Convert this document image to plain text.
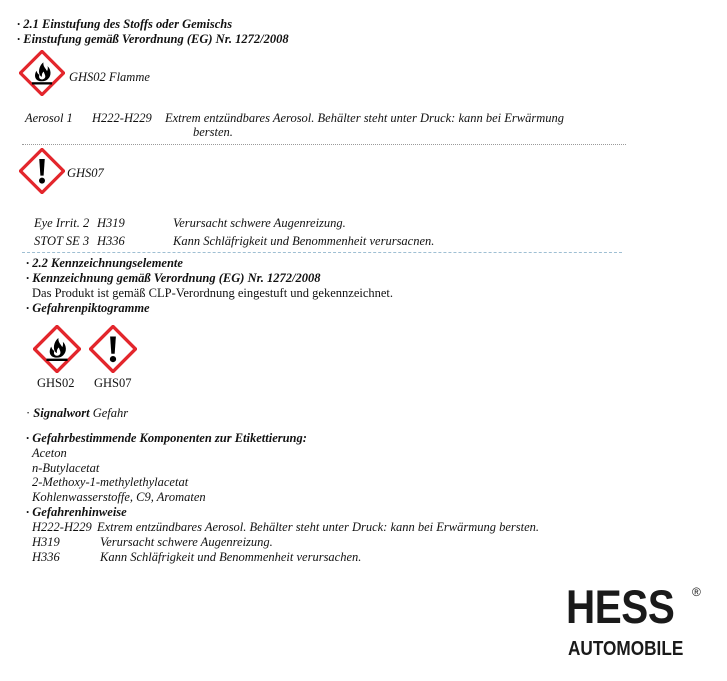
· 2.1 Einstufung des Stoffs oder Gemischs
· Einstufung gemäß Verordnung (EG) Nr. 1272/2008
GHS02 Flamme
Aerosol 1 H222-H229 Extrem entzündbares Aerosol. Behälter steht unter Druck: kann bei Erwärmung
bersten.
GHS07
Eye Irrit. 2 H319	Verursacht schwere Augenreizung.
STOT SE 3 H336	Kann Schläfrigkeit und Benommenheit verursacnen.
· 2.2 Kennzeichnungselemente
· Kennzeichnung gemäß Verordnung (EG) Nr. 1272/2008
Das Produkt ist gemäß CLP-Verordnung eingestuft und gekennzeichnet.
· Gefahrenpiktogramme
GHS02 GHS07
· Signalwort Gefahr
· Gefahrbestimmende Komponenten zur Etikettierung:
Aceton
n-Butylacetat
2-Methoxy-1-methylethylacetat
Kohlenwasserstoffe, C9, Aromaten
· Gefahrenhinweise
H222-H229 Extrem entzündbares Aerosol. Behälter steht unter Druck: kann bei Erwärmung bersten.
H319	Verursacht schwere Augenreizung.
H336	Kann Schläfrigkeit und Benommenheit verursachen.
HESS ®
AUTOMOBILE
